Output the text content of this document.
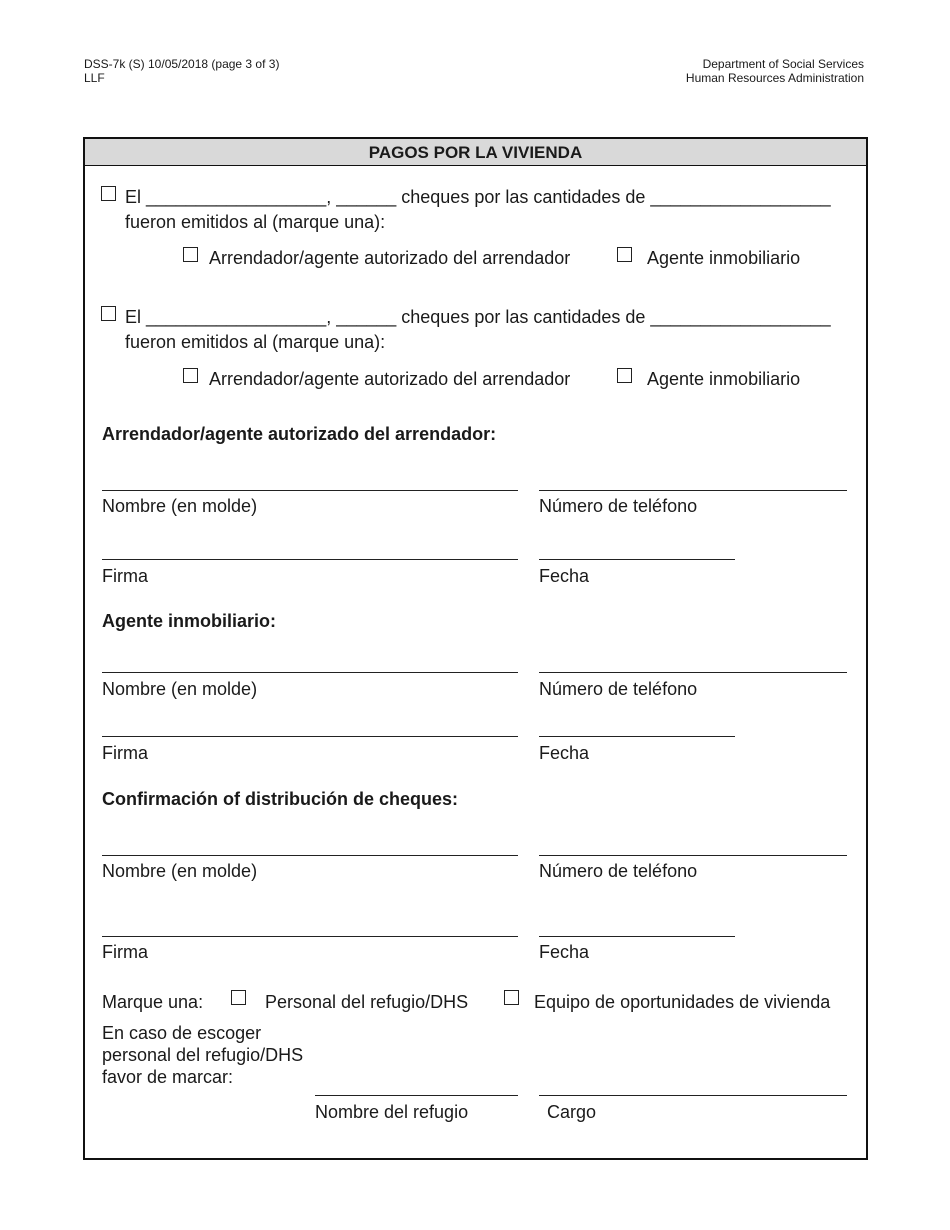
DSS-7k (S) 10/05/2018 (page 3 of 3)
LLF
Department of Social Services
Human Resources Administration
PAGOS POR LA VIVIENDA
El __________________, ______ cheques por las cantidades de __________________
fueron emitidos al (marque una):
Arrendador/agente autorizado del arrendador	Agente inmobiliario
El __________________, ______ cheques por las cantidades de __________________
fueron emitidos al (marque una):
Arrendador/agente autorizado del arrendador	Agente inmobiliario
Arrendador/agente autorizado del arrendador:
Nombre (en molde)	Número de teléfono
Firma	Fecha
Agente inmobiliario:
Nombre (en molde)	Número de teléfono
Firma	Fecha
Confirmación of distribución de cheques:
Nombre (en molde)	Número de teléfono
Firma	Fecha
Marque una:	Personal del refugio/DHS	Equipo de oportunidades de vivienda
En caso de escoger
personal del refugio/DHS
favor de marcar:
Nombre del refugio	Cargo
